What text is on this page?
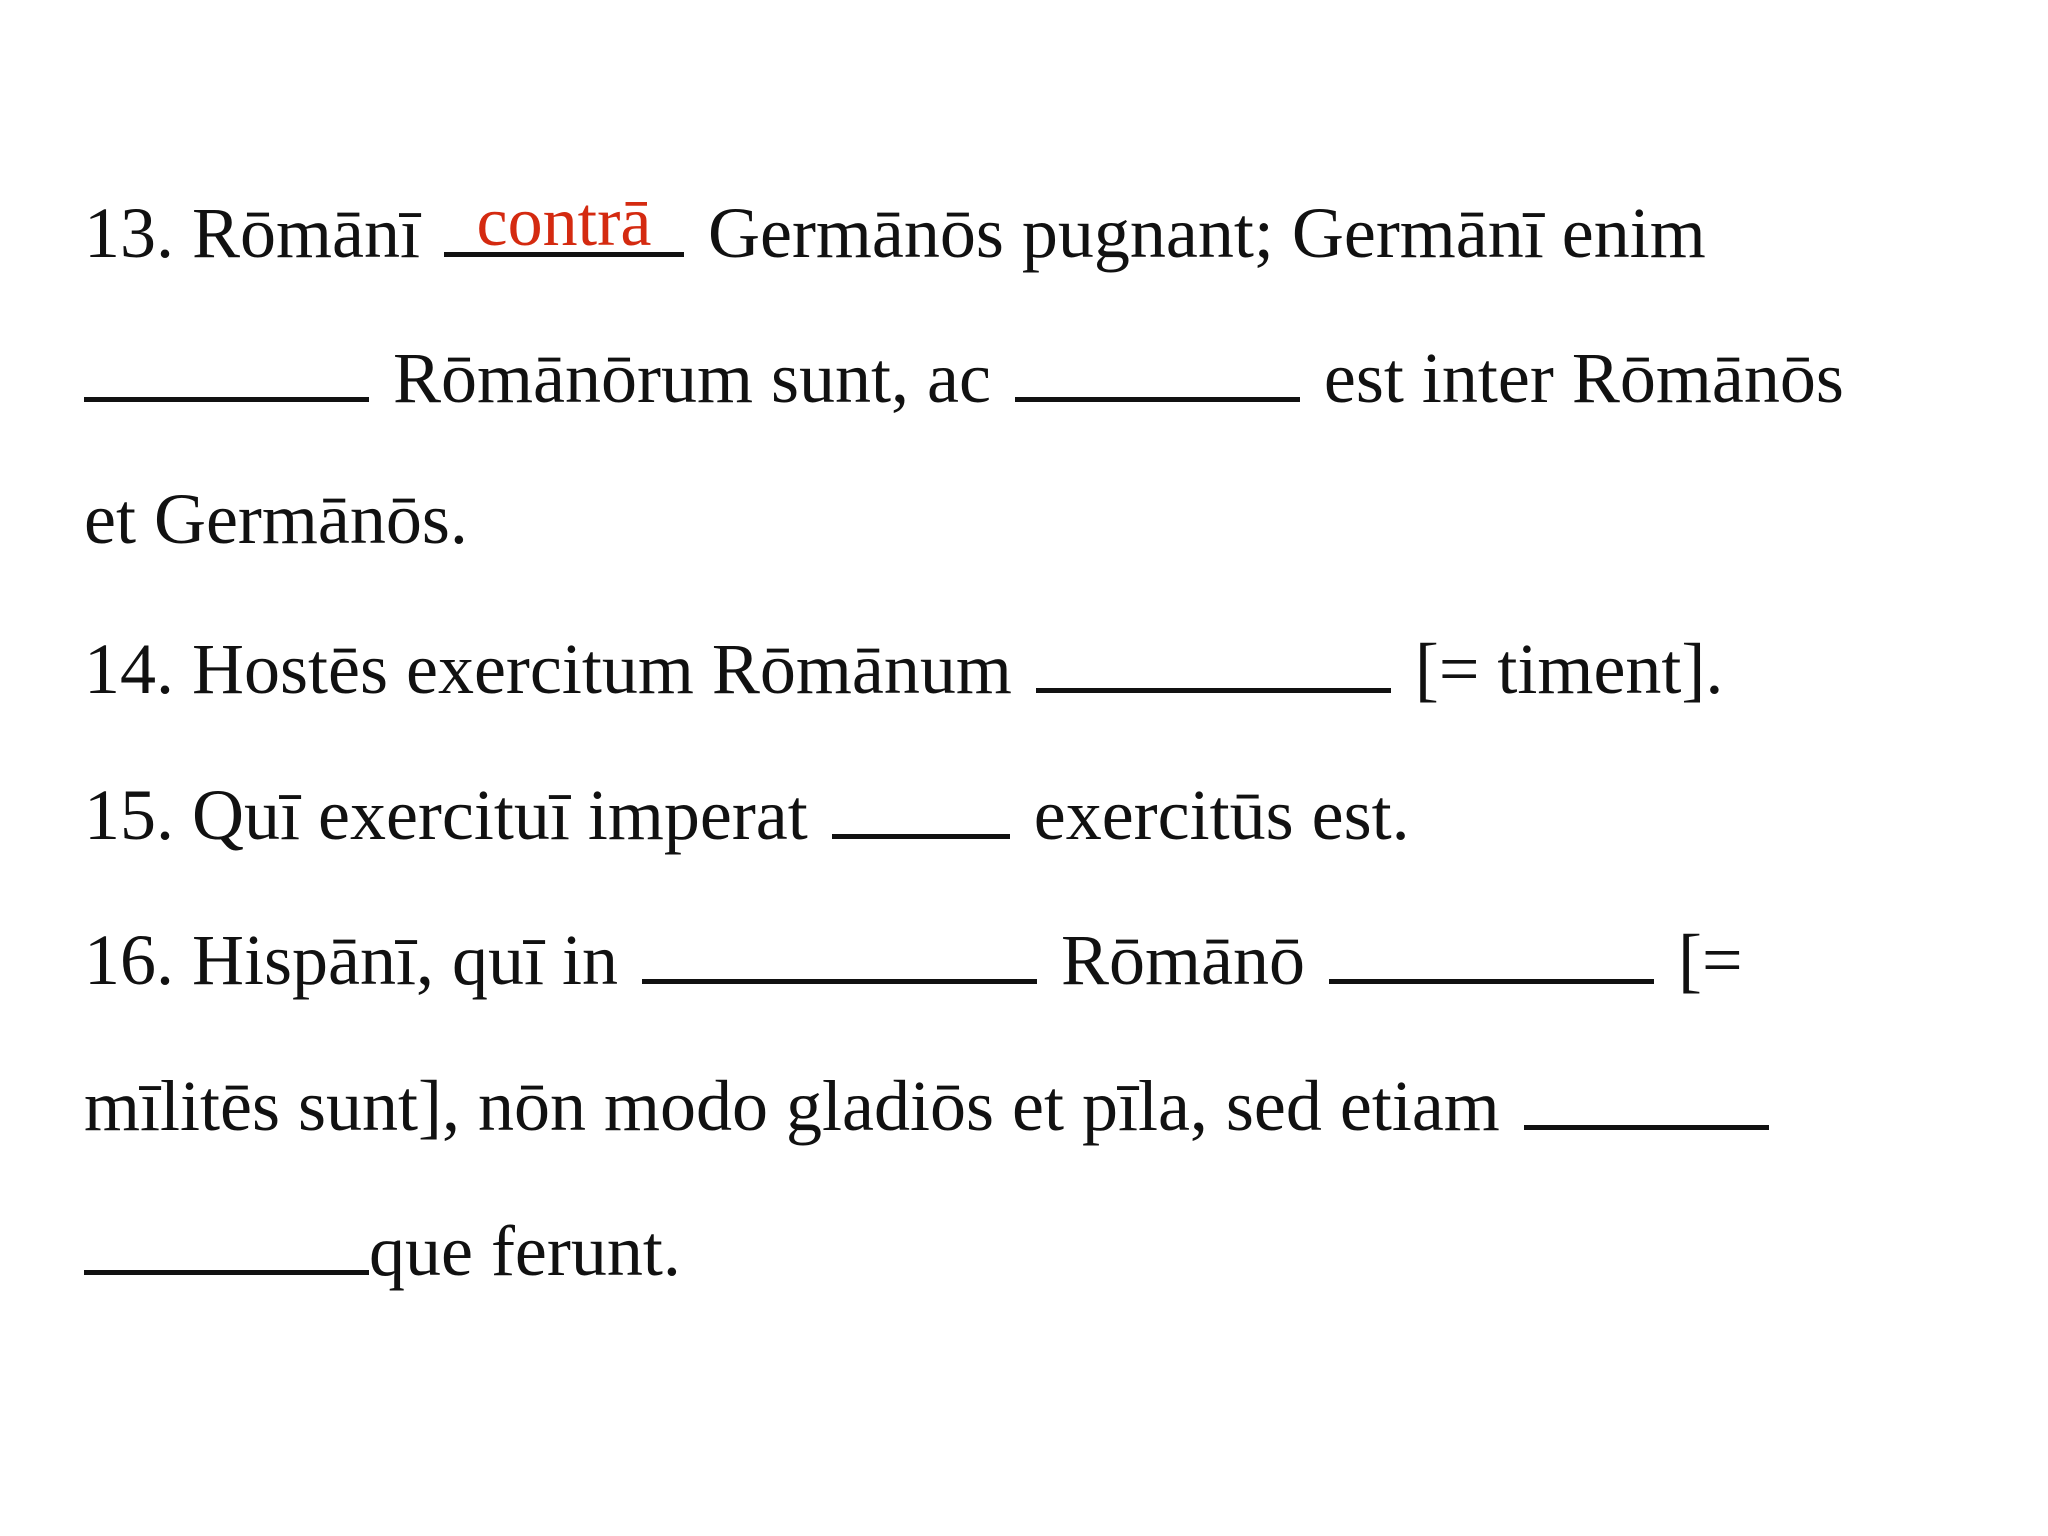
13. Rōmānī contrā Germānōs pugnant; Germānī enim
Rōmānōrum sunt, ac	est inter Rōmānōs
et Germānōs.
14. Hostēs exercitum Rōmānum	[= timent].
15. Quī exercituī imperat	exercitūs est.
16. Hispānī, quī in	Rōmānō	[=
mīlitēs sunt], nōn modo gladiōs et pīla, sed etiam
que ferunt.
